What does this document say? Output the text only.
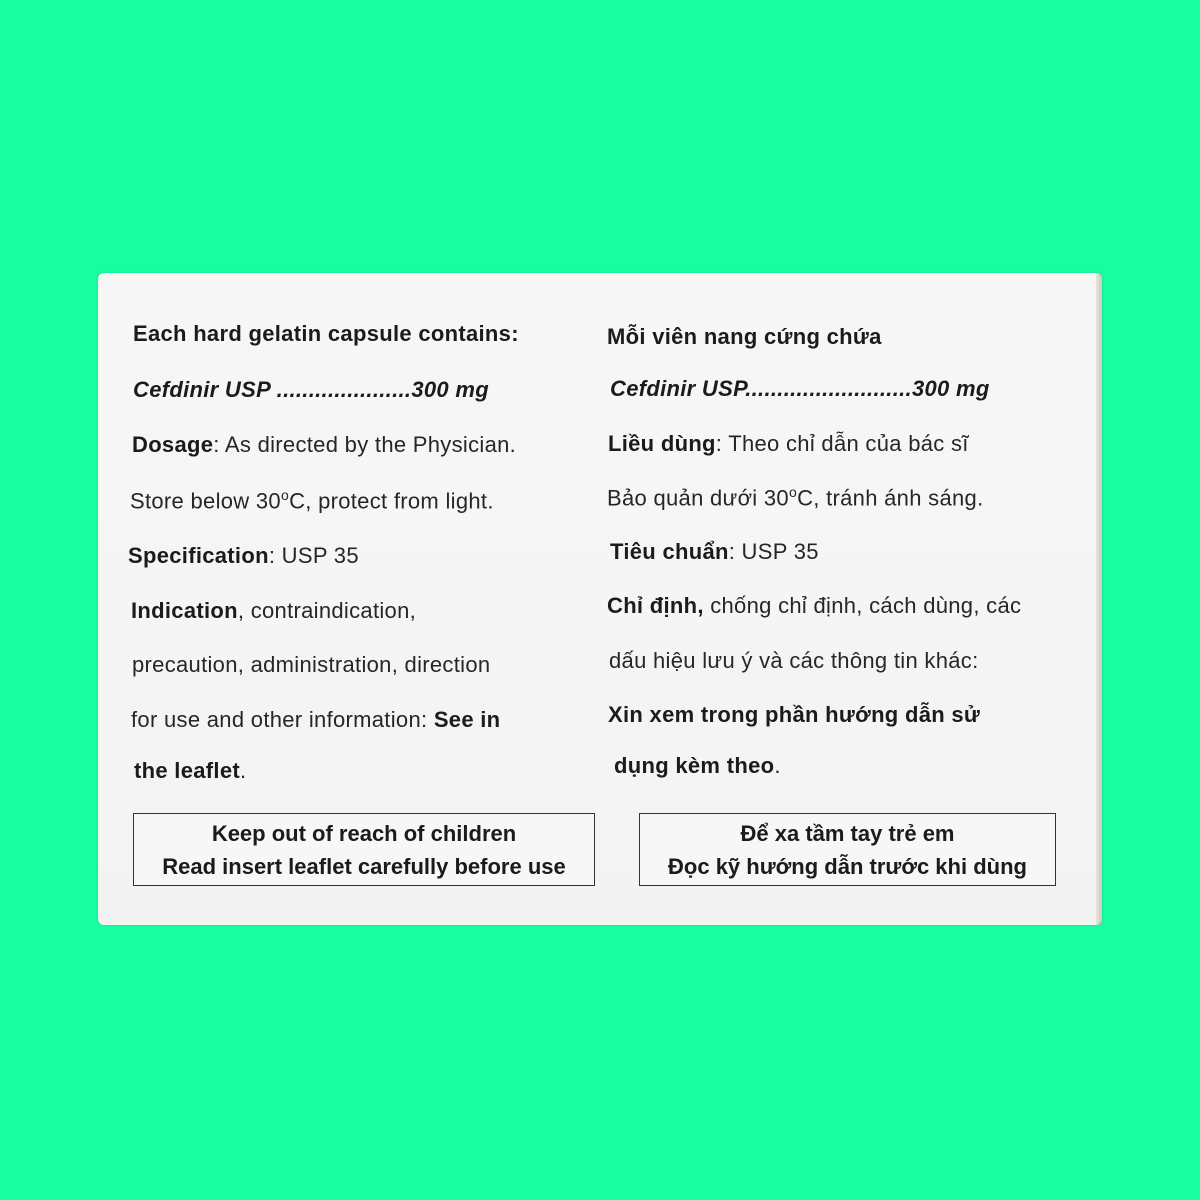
Each hard gelatin capsule contains:
Cefdinir USP .....................300 mg
Dosage: As directed by the Physician.
Store below 30$^o$C, protect from light.
Specification: USP 35
Indication, contraindication,
precaution, administration, direction
for use and other information: See in
the leaflet.
Mỗi viên nang cứng chứa
Cefdinir USP..........................300 mg
Liều dùng: Theo chỉ dẫn của bác sĩ
Bảo quản dưới 30$^o$C, tránh ánh sáng.
Tiêu chuẩn: USP 35
Chỉ định, chống chỉ định, cách dùng, các
dấu hiệu lưu ý và các thông tin khác:
Xin xem trong phần hướng dẫn sử
dụng kèm theo.
Keep out of reach of children
Read insert leaflet carefully before use
Để xa tầm tay trẻ em
Đọc kỹ hướng dẫn trước khi dùng
